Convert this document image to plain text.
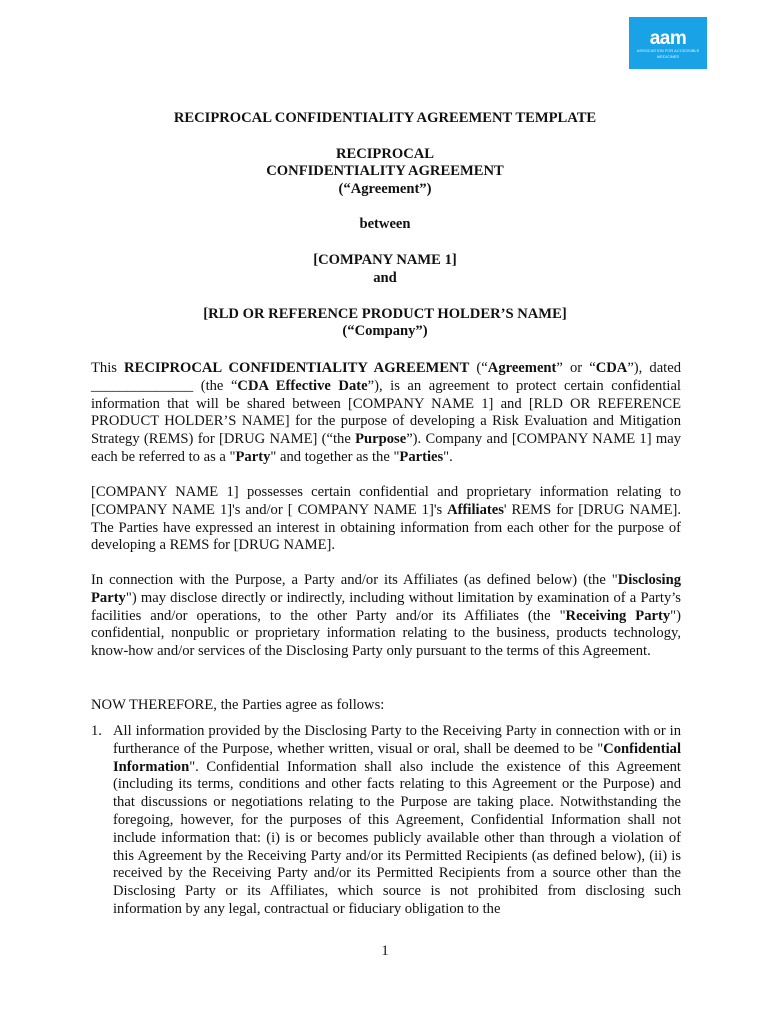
aam
ASSOCIATION FOR ACCESSIBLE MEDICINES
RECIPROCAL CONFIDENTIALITY AGREEMENT TEMPLATE
RECIPROCAL
CONFIDENTIALITY AGREEMENT
(“Agreement”)
between
[COMPANY NAME 1]
and
[RLD OR REFERENCE PRODUCT HOLDER’S NAME]
(“Company”)
This RECIPROCAL CONFIDENTIALITY AGREEMENT (“Agreement” or “CDA”), dated ______________ (the “CDA Effective Date”), is an agreement to protect certain confidential information that will be shared between [COMPANY NAME 1] and [RLD OR REFERENCE PRODUCT HOLDER’S NAME] for the purpose of developing a Risk Evaluation and Mitigation Strategy (REMS) for [DRUG NAME] (“the Purpose”). Company and [COMPANY NAME 1] may each be referred to as a "Party" and together as the "Parties".
[COMPANY NAME 1] possesses certain confidential and proprietary information relating to [COMPANY NAME 1]'s and/or [ COMPANY NAME 1]'s Affiliates' REMS for [DRUG NAME]. The Parties have expressed an interest in obtaining information from each other for the purpose of developing a REMS for [DRUG NAME].
In connection with the Purpose, a Party and/or its Affiliates (as defined below) (the "Disclosing Party") may disclose directly or indirectly, including without limitation by examination of a Party’s facilities and/or operations, to the other Party and/or its Affiliates (the "Receiving Party") confidential, nonpublic or proprietary information relating to the business, products technology, know-how and/or services of the Disclosing Party only pursuant to the terms of this Agreement.
NOW THEREFORE, the Parties agree as follows:
1. All information provided by the Disclosing Party to the Receiving Party in connection with or in furtherance of the Purpose, whether written, visual or oral, shall be deemed to be "Confidential Information". Confidential Information shall also include the existence of this Agreement (including its terms, conditions and other facts relating to this Agreement or the Purpose) and that discussions or negotiations relating to the Purpose are taking place. Notwithstanding the foregoing, however, for the purposes of this Agreement, Confidential Information shall not include information that: (i) is or becomes publicly available other than through a violation of this Agreement by the Receiving Party and/or its Permitted Recipients (as defined below), (ii) is received by the Receiving Party and/or its Permitted Recipients from a source other than the Disclosing Party or its Affiliates, which source is not prohibited from disclosing such information by any legal, contractual or fiduciary obligation to the
1
